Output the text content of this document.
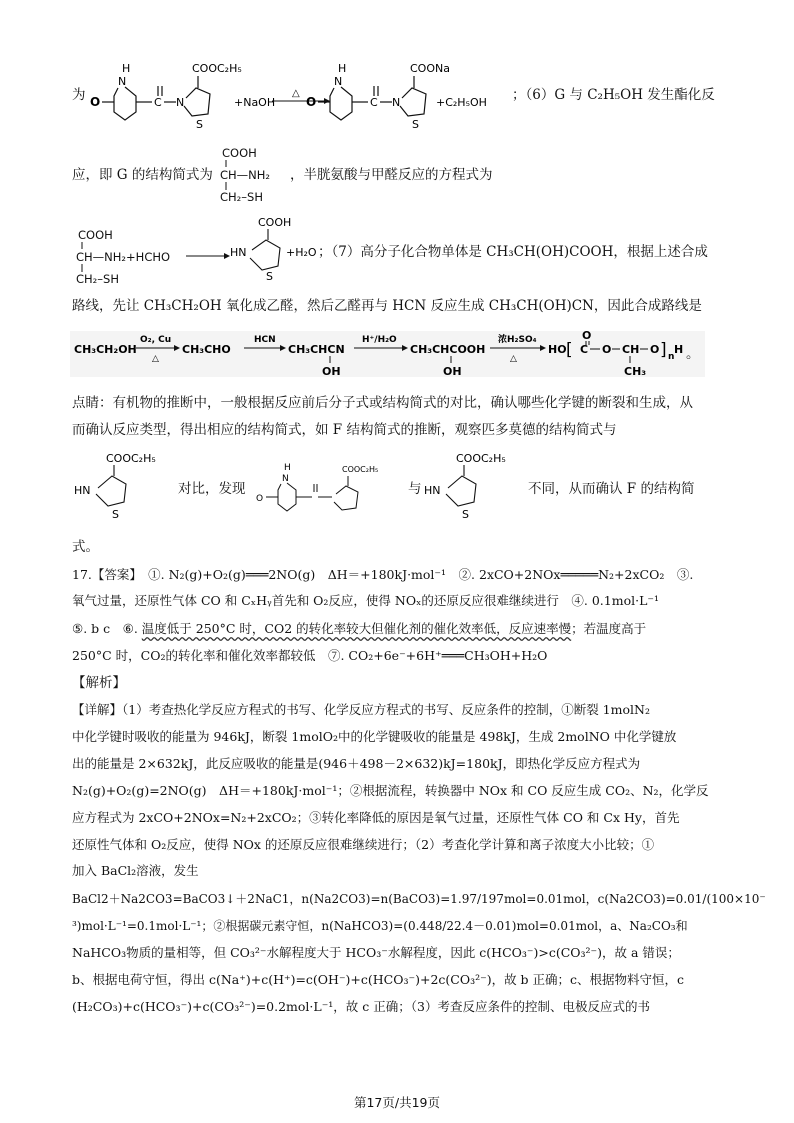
为
H
N
O	C N
S
COOC₂H₅
+NaOH
△
H
N
O	C N
S
COONa
+C₂H₅OH ；（6）G 与 C₂H₅OH 发生酯化反
应，即 G 的结构简式为
COOH
CH—NH₂
CH₂–SH
，半胱氨酸与甲醛反应的方程式为
COOH
CH—NH₂+HCHO
CH₂–SH
COOH
HN
S
+H₂O ；（7）高分子化合物单体是 CH₃CH(OH)COOH，根据上述合成
路线，先让 CH₃CH₂OH 氧化成乙醛，然后乙醛再与 HCN 反应生成 CH₃CH(OH)CN，因此合成路线是
CH₃CH₂OH
O₂, Cu
△
CH₃CHO
HCN
CH₃CHCN
OH
H⁺/H₂O
CH₃CHCOOH
OH
浓H₂SO₄
△
HO [
O
C O CH
CH₃
O ] n
H 。
点睛：有机物的推断中，一般根据反应前后分子式或结构简式的对比，确认哪些化学键的断裂和生成，从
而确认反应类型，得出相应的结构简式，如 F 结构简式的推断，观察匹多莫德的结构简式与
COOC₂H₅
HN
S
对比，发现
H
N
O
COOC₂H₅
与
COOC₂H₅
HN
S
不同，从而确认 F 的结构简
式。
17.【答案】　①. N₂(g)+O₂(g)═══2NO(g)　ΔH＝+180kJ·mol⁻¹　②. 2xCO+2NOx═════N₂+2xCO₂　③.
氧气过量，还原性气体 CO 和 CₓHᵧ首先和 O₂反应，使得 NOₓ的还原反应很难继续进行　④. 0.1mol·L⁻¹
⑤. b c　⑥. 温度低于 250°C 时，CO2 的转化率较大但催化剂的催化效率低，反应速率慢；若温度高于
250°C 时，CO₂的转化率和催化效率都较低　⑦. CO₂+6e⁻+6H⁺═══CH₃OH+H₂O
【解析】
【详解】（1）考查热化学反应方程式的书写、化学反应方程式的书写、反应条件的控制，①断裂 1molN₂
中化学键时吸收的能量为 946kJ，断裂 1molO₂中的化学键吸收的能量是 498kJ，生成 2molNO 中化学键放
出的能量是 2×632kJ，此反应吸收的能量是(946＋498－2×632)kJ=180kJ，即热化学反应方程式为
N₂(g)+O₂(g)=2NO(g)　ΔH＝+180kJ·mol⁻¹；②根据流程，转换器中 NOx 和 CO 反应生成 CO₂、N₂，化学反
应方程式为 2xCO+2NOx=N₂+2xCO₂；③转化率降低的原因是氧气过量，还原性气体 CO 和 Cx Hy，首先
还原性气体和 O₂反应，使得 NOx 的还原反应很难继续进行；（2）考查化学计算和离子浓度大小比较；①
加入 BaCl₂溶液，发生
BaCl2＋Na2CO3=BaCO3↓＋2NaC1，n(Na2CO3)=n(BaCO3)=1.97/197mol=0.01mol，c(Na2CO3)=0.01/(100×10⁻
³)mol·L⁻¹=0.1mol·L⁻¹；②根据碳元素守恒，n(NaHCO3)=(0.448/22.4－0.01)mol=0.01mol，a、Na₂CO₃和
NaHCO₃物质的量相等，但 CO₃²⁻水解程度大于 HCO₃⁻水解程度，因此 c(HCO₃⁻)>c(CO₃²⁻)，故 a 错误；
b、根据电荷守恒，得出 c(Na⁺)+c(H⁺)=c(OH⁻)+c(HCO₃⁻)+2c(CO₃²⁻)，故 b 正确；c、根据物料守恒，c
(H₂CO₃)+c(HCO₃⁻)+c(CO₃²⁻)=0.2mol·L⁻¹，故 c 正确；（3）考查反应条件的控制、电极反应式的书
第17页/共19页
